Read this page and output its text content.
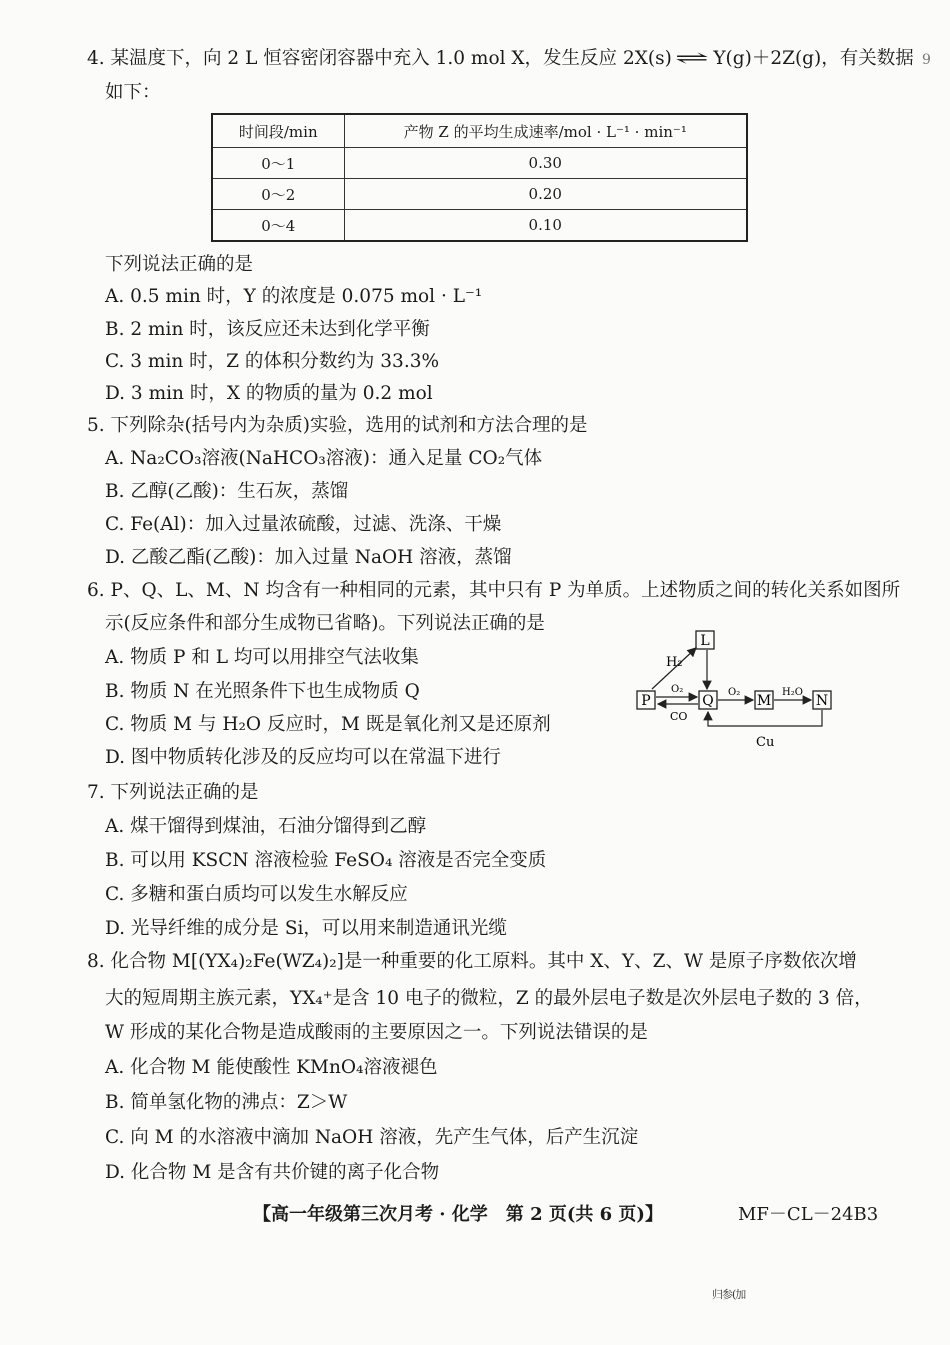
4. 某温度下，向 2 L 恒容密闭容器中充入 1.0 mol X，发生反应 2X(s) ⇌ Y(g)＋2Z(g)，有关数据 9
如下：
时间段/min	产物 Z 的平均生成速率/mol · L⁻¹ · min⁻¹
0～1	0.30
0～2	0.20
0～4	0.10
下列说法正确的是
A. 0.5 min 时，Y 的浓度是 0.075 mol · L⁻¹
B. 2 min 时，该反应还未达到化学平衡
C. 3 min 时，Z 的体积分数约为 33.3%
D. 3 min 时，X 的物质的量为 0.2 mol
5. 下列除杂(括号内为杂质)实验，选用的试剂和方法合理的是
A. Na₂CO₃溶液(NaHCO₃溶液)：通入足量 CO₂气体
B. 乙醇(乙酸)：生石灰，蒸馏
C. Fe(Al)：加入过量浓硫酸，过滤、洗涤、干燥
D. 乙酸乙酯(乙酸)：加入过量 NaOH 溶液，蒸馏
6. P、Q、L、M、N 均含有一种相同的元素，其中只有 P 为单质。上述物质之间的转化关系如图所
示(反应条件和部分生成物已省略)。下列说法正确的是
A. 物质 P 和 L 均可以用排空气法收集
B. 物质 N 在光照条件下也生成物质 Q
C. 物质 M 与 H₂O 反应时，M 既是氧化剂又是还原剂
D. 图中物质转化涉及的反应均可以在常温下进行
P	Q
L
M	N
H₂
O₂
CO
O₂	H₂O
Cu
7. 下列说法正确的是
A. 煤干馏得到煤油，石油分馏得到乙醇
B. 可以用 KSCN 溶液检验 FeSO₄ 溶液是否完全变质
C. 多糖和蛋白质均可以发生水解反应
D. 光导纤维的成分是 Si，可以用来制造通讯光缆
8. 化合物 M[(YX₄)₂Fe(WZ₄)₂]是一种重要的化工原料。其中 X、Y、Z、W 是原子序数依次增
大的短周期主族元素，YX₄⁺是含 10 电子的微粒，Z 的最外层电子数是次外层电子数的 3 倍，
W 形成的某化合物是造成酸雨的主要原因之一。下列说法错误的是
A. 化合物 M 能使酸性 KMnO₄溶液褪色
B. 简单氢化物的沸点：Z＞W
C. 向 M 的水溶液中滴加 NaOH 溶液，先产生气体，后产生沉淀
D. 化合物 M 是含有共价键的离子化合物
【高一年级第三次月考 · 化学　第 2 页(共 6 页)】	MF－CL－24B3
归参(加
